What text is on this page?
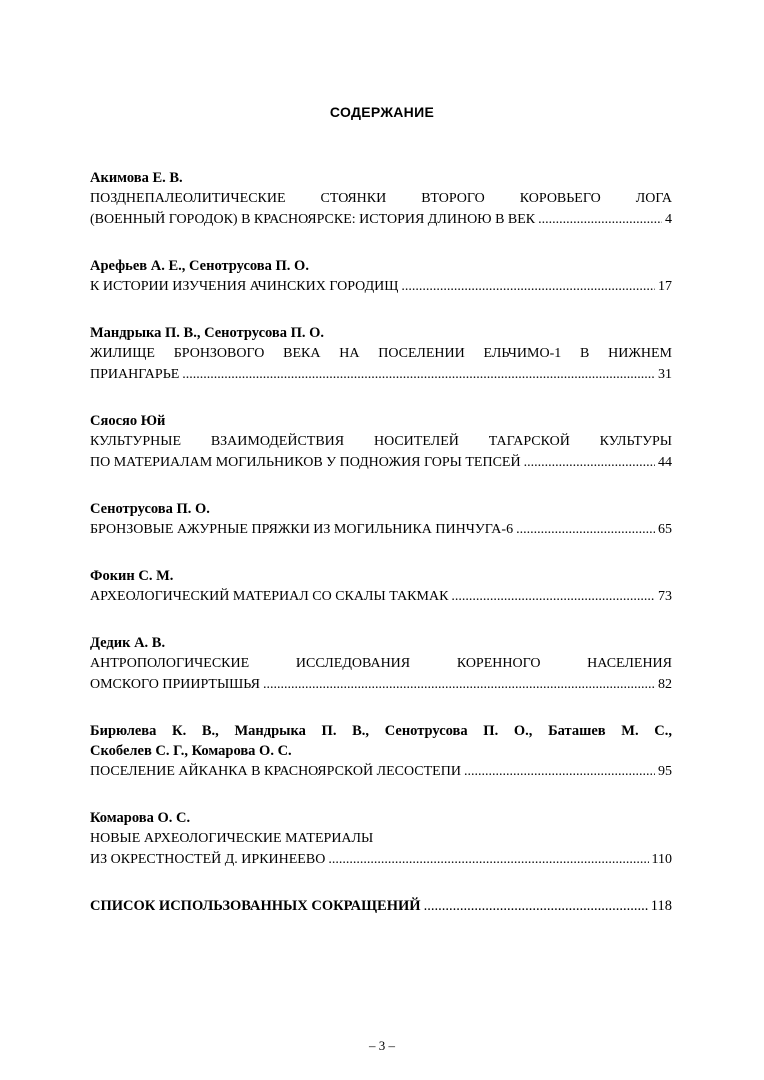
СОДЕРЖАНИЕ
Акимова Е. В.
ПОЗДНЕПАЛЕОЛИТИЧЕСКИЕ СТОЯНКИ ВТОРОГО КОРОВЬЕГО ЛОГА
(ВОЕННЫЙ ГОРОДОК) В КРАСНОЯРСКЕ: ИСТОРИЯ ДЛИНОЮ В ВЕК .....	4
Арефьев А. Е., Сенотрусова П. О.
К ИСТОРИИ ИЗУЧЕНИЯ АЧИНСКИХ ГОРОДИЩ .....	17
Мандрыка П. В., Сенотрусова П. О.
ЖИЛИЩЕ БРОНЗОВОГО ВЕКА НА ПОСЕЛЕНИИ ЕЛЬЧИМО-1 В НИЖНЕМ
ПРИАНГАРЬЕ .....	31
Сяосяо Юй
КУЛЬТУРНЫЕ ВЗАИМОДЕЙСТВИЯ НОСИТЕЛЕЙ ТАГАРСКОЙ КУЛЬТУРЫ
ПО МАТЕРИАЛАМ МОГИЛЬНИКОВ У ПОДНОЖИЯ ГОРЫ ТЕПСЕЙ .....	44
Сенотрусова П. О.
БРОНЗОВЫЕ АЖУРНЫЕ ПРЯЖКИ ИЗ МОГИЛЬНИКА ПИНЧУГА-6 .....	65
Фокин С. М.
АРХЕОЛОГИЧЕСКИЙ МАТЕРИАЛ СО СКАЛЫ ТАКМАК .....	73
Дедик А. В.
АНТРОПОЛОГИЧЕСКИЕ ИССЛЕДОВАНИЯ КОРЕННОГО НАСЕЛЕНИЯ
ОМСКОГО ПРИИРТЫШЬЯ .....	82
Бирюлева К. В., Мандрыка П. В., Сенотрусова П. О., Баташев М. С.,
Скобелев С. Г., Комарова О. С.
ПОСЕЛЕНИЕ АЙКАНКА В КРАСНОЯРСКОЙ ЛЕСОСТЕПИ .....	95
Комарова О. С.
НОВЫЕ АРХЕОЛОГИЧЕСКИЕ МАТЕРИАЛЫ
ИЗ ОКРЕСТНОСТЕЙ Д. ИРКИНЕЕВО .....	110
СПИСОК ИСПОЛЬЗОВАННЫХ СОКРАЩЕНИЙ .....	118
– 3 –
